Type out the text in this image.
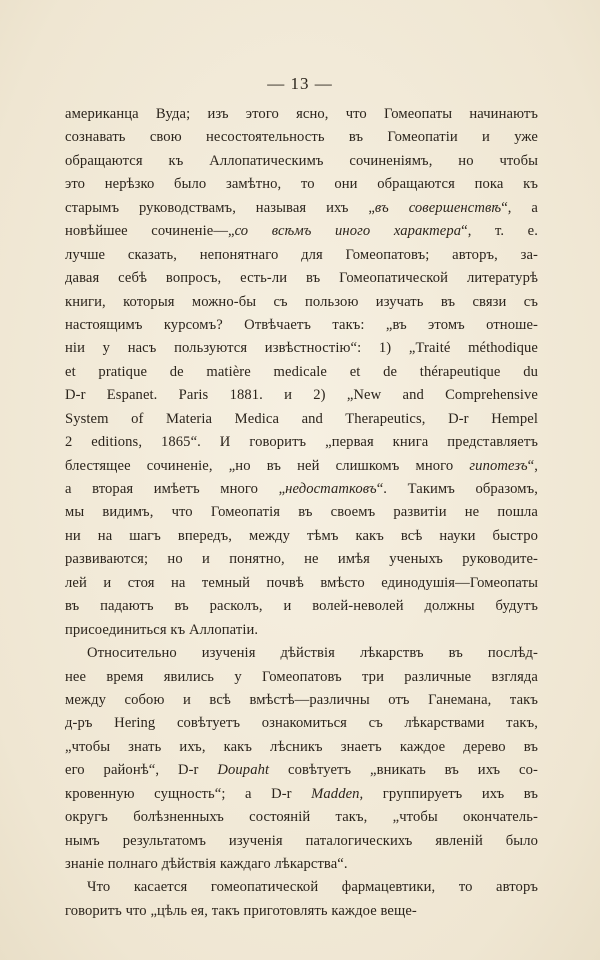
— 13 —
американца Вуда; изъ этого ясно, что Гомеопаты начинаютъ
сознавать свою несостоятельность въ Гомеопатіи и уже
обращаются къ Аллопатическимъ сочиненіямъ, но чтобы
это нерѣзко было замѣтно, то они обращаются пока къ
старымъ руководствамъ, называя ихъ „въ совершенствѣ“, а
новѣйшее сочиненіе—„со всѣмъ иного характера“, т. е.
лучше сказать, непонятнаго для Гомеопатовъ; авторъ, за-
давая себѣ вопросъ, есть-ли въ Гомеопатической литературѣ
книги, которыя можно-бы съ пользою изучать въ связи съ
настоящимъ курсомъ? Отвѣчаетъ такъ: „въ этомъ отноше-
ніи у насъ пользуются извѣстностію“: 1) „Traité méthodique
et pratique de matière medicale et de thérapeutique du
D-r Espanet. Paris 1881. и 2) „New and Comprehensive
System of Materia Medica and Therapeutics, D-r Hempel
2 editions, 1865“. И говоритъ „первая книга представляетъ
блестящее сочиненіе, „но въ ней слишкомъ много гипотезъ“,
а вторая имѣетъ много „недостатковъ“. Такимъ образомъ,
мы видимъ, что Гомеопатія въ своемъ развитіи не пошла
ни на шагъ впередъ, между тѣмъ какъ всѣ науки быстро
развиваются; но и понятно, не имѣя ученыхъ руководите-
лей и стоя на темный почвѣ вмѣсто единодушія—Гомеопаты
въ падаютъ въ расколъ, и волей-неволей должны будутъ
присоединиться къ Аллопатіи.
Относительно изученія дѣйствія лѣкарствъ въ послѣд-
нее время явились у Гомеопатовъ три различные взгляда
между собою и всѣ вмѣстѣ—различны отъ Ганемана, такъ
д-ръ Hering совѣтуетъ ознакомиться съ лѣкарствами такъ,
„чтобы знать ихъ, какъ лѣсникъ знаетъ каждое дерево въ
его районѣ“, D-r Doupaht совѣтуетъ „вникать въ ихъ со-
кровенную сущность“; а D-r Madden, группируетъ ихъ въ
округъ болѣзненныхъ состояній такъ, „чтобы окончатель-
нымъ результатомъ изученія паталогическихъ явленій было
знаніе полнаго дѣйствія каждаго лѣкарства“.
Что касается гомеопатической фармацевтики, то авторъ
говоритъ что „цѣль ея, такъ приготовлять каждое веще-
